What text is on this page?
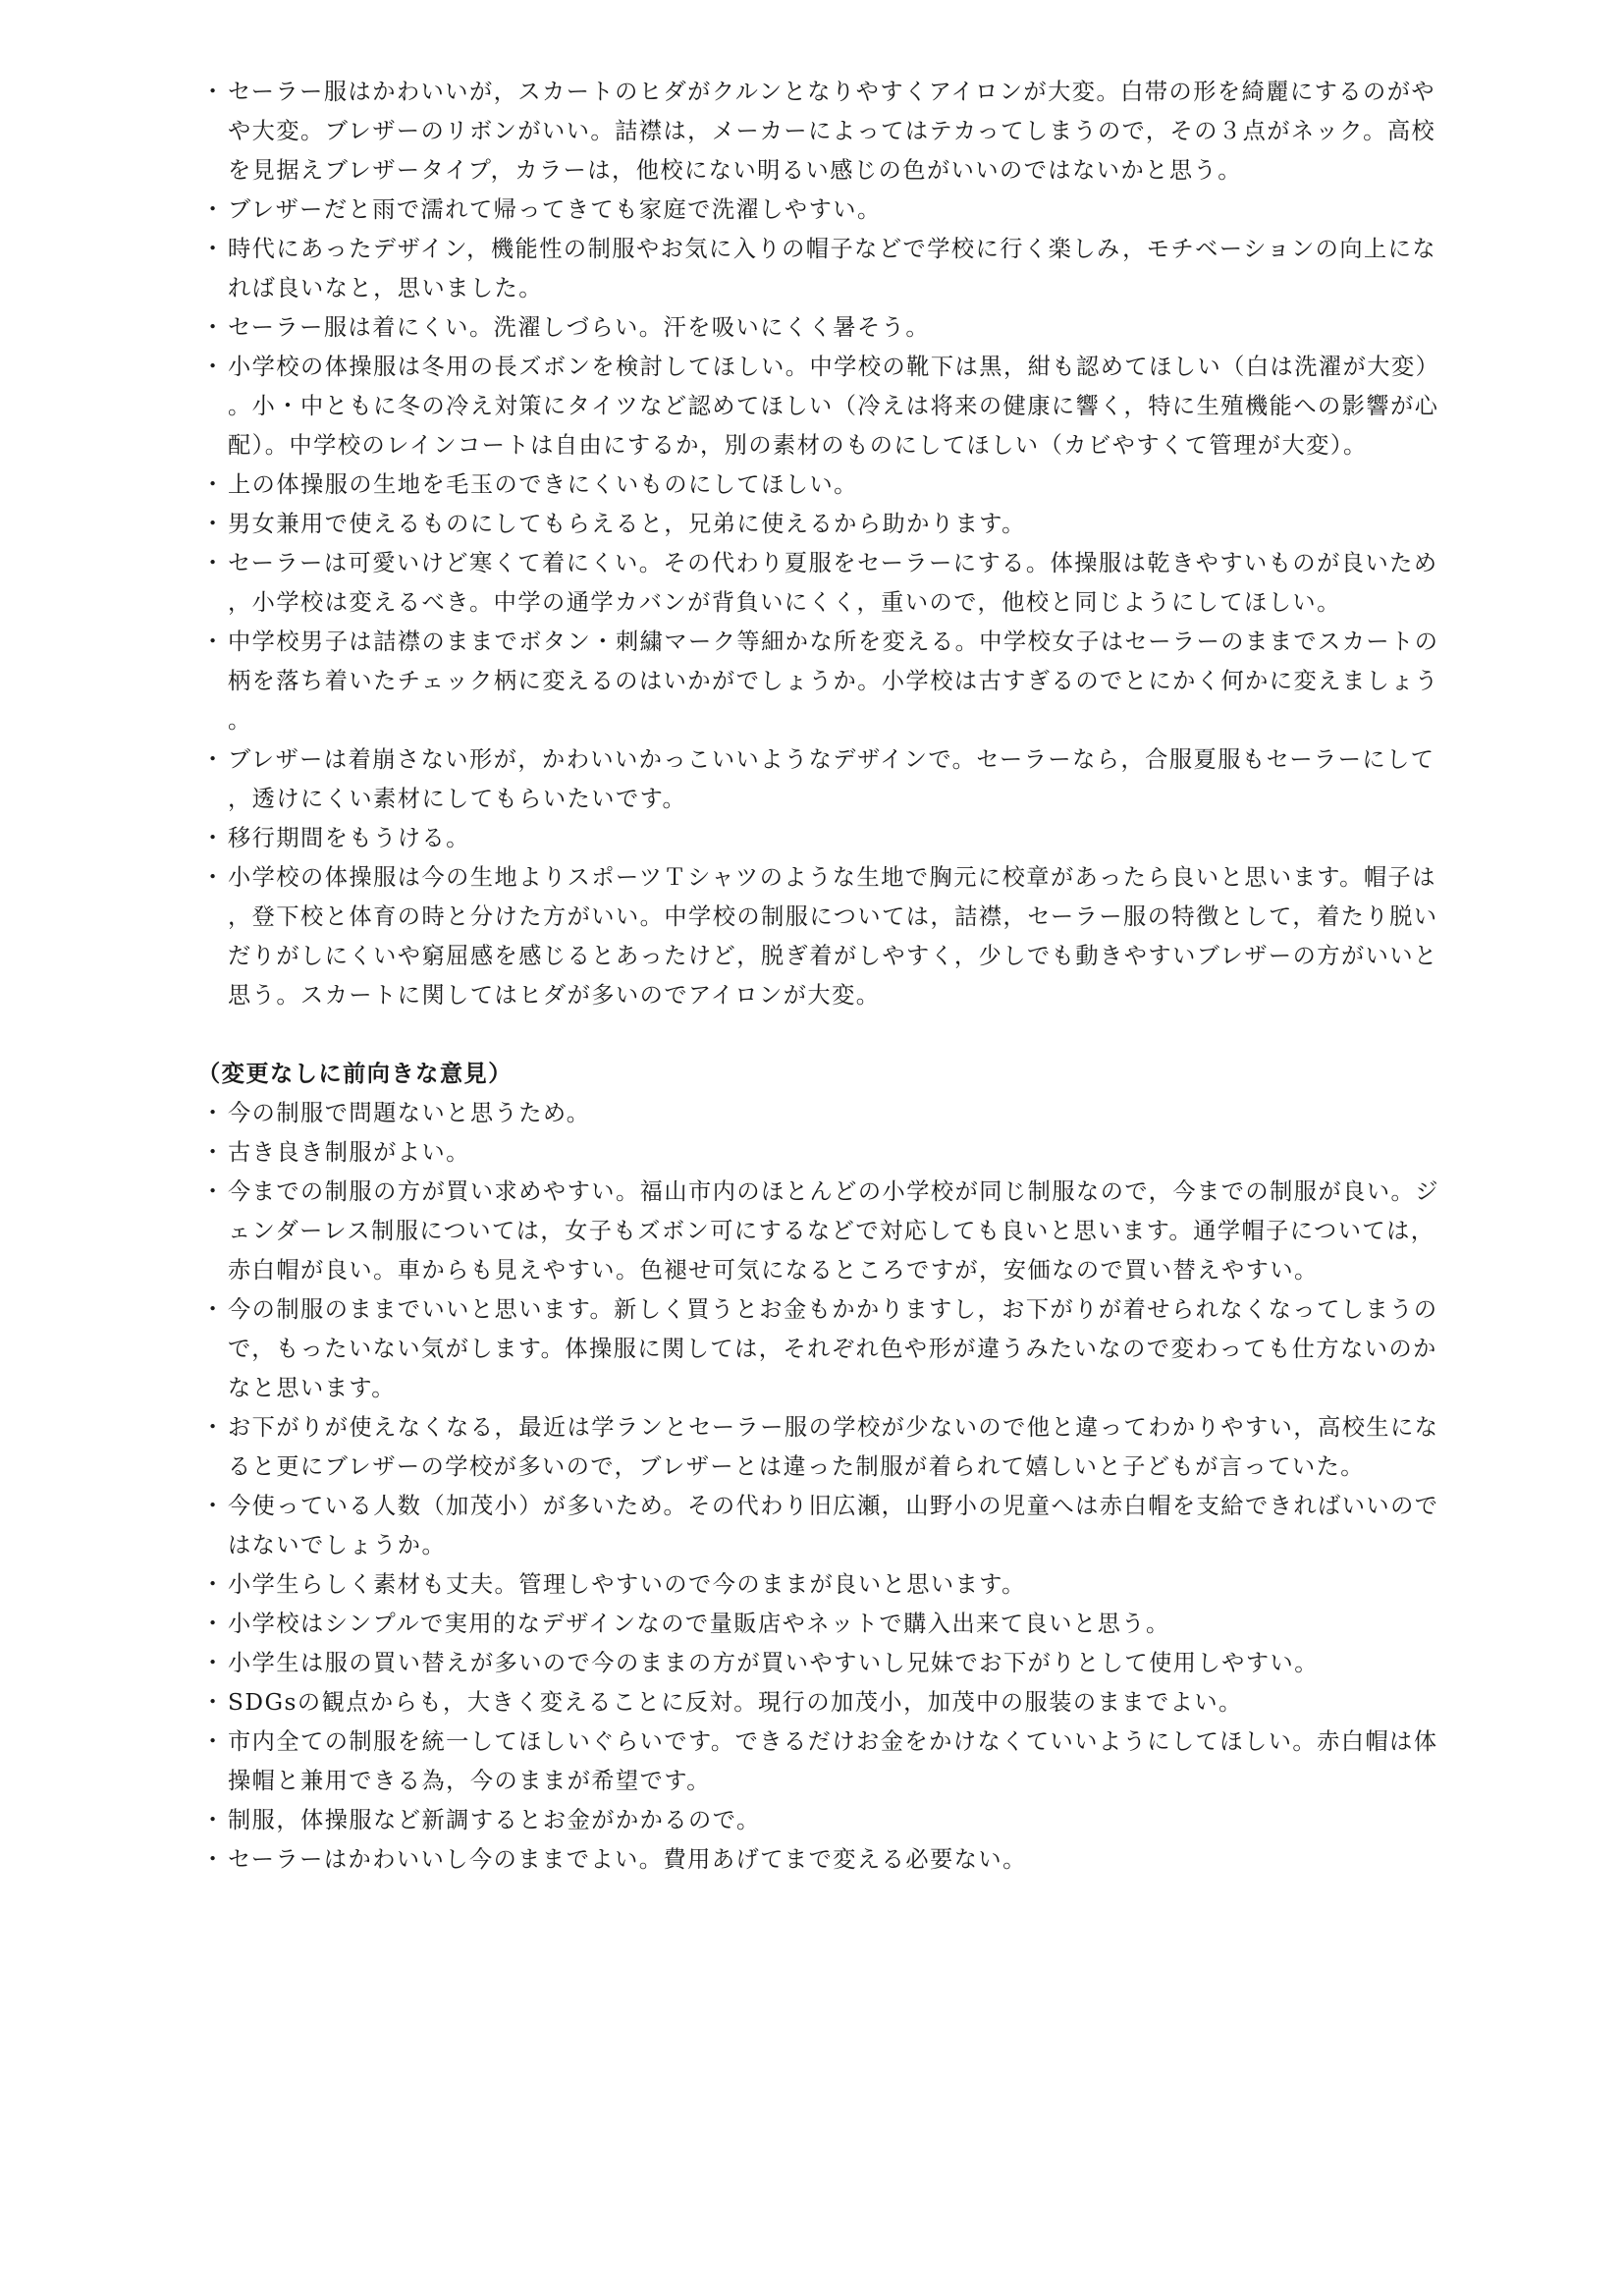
・ セーラー服はかわいいが，スカートのヒダがクルンとなりやすくアイロンが大変。白帯の形を綺麗にするのがやや大変。ブレザーのリボンがいい。詰襟は，メーカーによってはテカってしまうので，その３点がネック。高校を見据えブレザータイプ，カラーは，他校にない明るい感じの色がいいのではないかと思う。
・ ブレザーだと雨で濡れて帰ってきても家庭で洗濯しやすい。
・ 時代にあったデザイン，機能性の制服やお気に入りの帽子などで学校に行く楽しみ，モチベーションの向上になれば良いなと，思いました。
・ セーラー服は着にくい。洗濯しづらい。汗を吸いにくく暑そう。
・ 小学校の体操服は冬用の長ズボンを検討してほしい。中学校の靴下は黒，紺も認めてほしい（白は洗濯が大変）。小・中ともに冬の冷え対策にタイツなど認めてほしい（冷えは将来の健康に響く，特に生殖機能への影響が心配）。中学校のレインコートは自由にするか，別の素材のものにしてほしい（カビやすくて管理が大変）。
・ 上の体操服の生地を毛玉のできにくいものにしてほしい。
・ 男女兼用で使えるものにしてもらえると，兄弟に使えるから助かります。
・ セーラーは可愛いけど寒くて着にくい。その代わり夏服をセーラーにする。体操服は乾きやすいものが良いため，小学校は変えるべき。中学の通学カバンが背負いにくく，重いので，他校と同じようにしてほしい。
・ 中学校男子は詰襟のままでボタン・刺繍マーク等細かな所を変える。中学校女子はセーラーのままでスカートの柄を落ち着いたチェック柄に変えるのはいかがでしょうか。小学校は古すぎるのでとにかく何かに変えましょう。
・ ブレザーは着崩さない形が，かわいいかっこいいようなデザインで。セーラーなら，合服夏服もセーラーにして，透けにくい素材にしてもらいたいです。
・ 移行期間をもうける。
・ 小学校の体操服は今の生地よりスポーツＴシャツのような生地で胸元に校章があったら良いと思います。帽子は，登下校と体育の時と分けた方がいい。中学校の制服については，詰襟，セーラー服の特徴として，着たり脱いだりがしにくいや窮屈感を感じるとあったけど，脱ぎ着がしやすく，少しでも動きやすいブレザーの方がいいと思う。スカートに関してはヒダが多いのでアイロンが大変。
（変更なしに前向きな意見）
・ 今の制服で問題ないと思うため。
・ 古き良き制服がよい。
・ 今までの制服の方が買い求めやすい。福山市内のほとんどの小学校が同じ制服なので，今までの制服が良い。ジェンダーレス制服については，女子もズボン可にするなどで対応しても良いと思います。通学帽子については，赤白帽が良い。車からも見えやすい。色褪せ可気になるところですが，安価なので買い替えやすい。
・ 今の制服のままでいいと思います。新しく買うとお金もかかりますし，お下がりが着せられなくなってしまうので，もったいない気がします。体操服に関しては，それぞれ色や形が違うみたいなので変わっても仕方ないのかなと思います。
・ お下がりが使えなくなる，最近は学ランとセーラー服の学校が少ないので他と違ってわかりやすい，高校生になると更にブレザーの学校が多いので，ブレザーとは違った制服が着られて嬉しいと子どもが言っていた。
・ 今使っている人数（加茂小）が多いため。その代わり旧広瀬，山野小の児童へは赤白帽を支給できればいいのではないでしょうか。
・ 小学生らしく素材も丈夫。管理しやすいので今のままが良いと思います。
・ 小学校はシンプルで実用的なデザインなので量販店やネットで購入出来て良いと思う。
・ 小学生は服の買い替えが多いので今のままの方が買いやすいし兄妹でお下がりとして使用しやすい。
・ SDGsの観点からも，大きく変えることに反対。現行の加茂小，加茂中の服装のままでよい。
・ 市内全ての制服を統一してほしいぐらいです。できるだけお金をかけなくていいようにしてほしい。赤白帽は体操帽と兼用できる為，今のままが希望です。
・ 制服，体操服など新調するとお金がかかるので。
・ セーラーはかわいいし今のままでよい。費用あげてまで変える必要ない。
